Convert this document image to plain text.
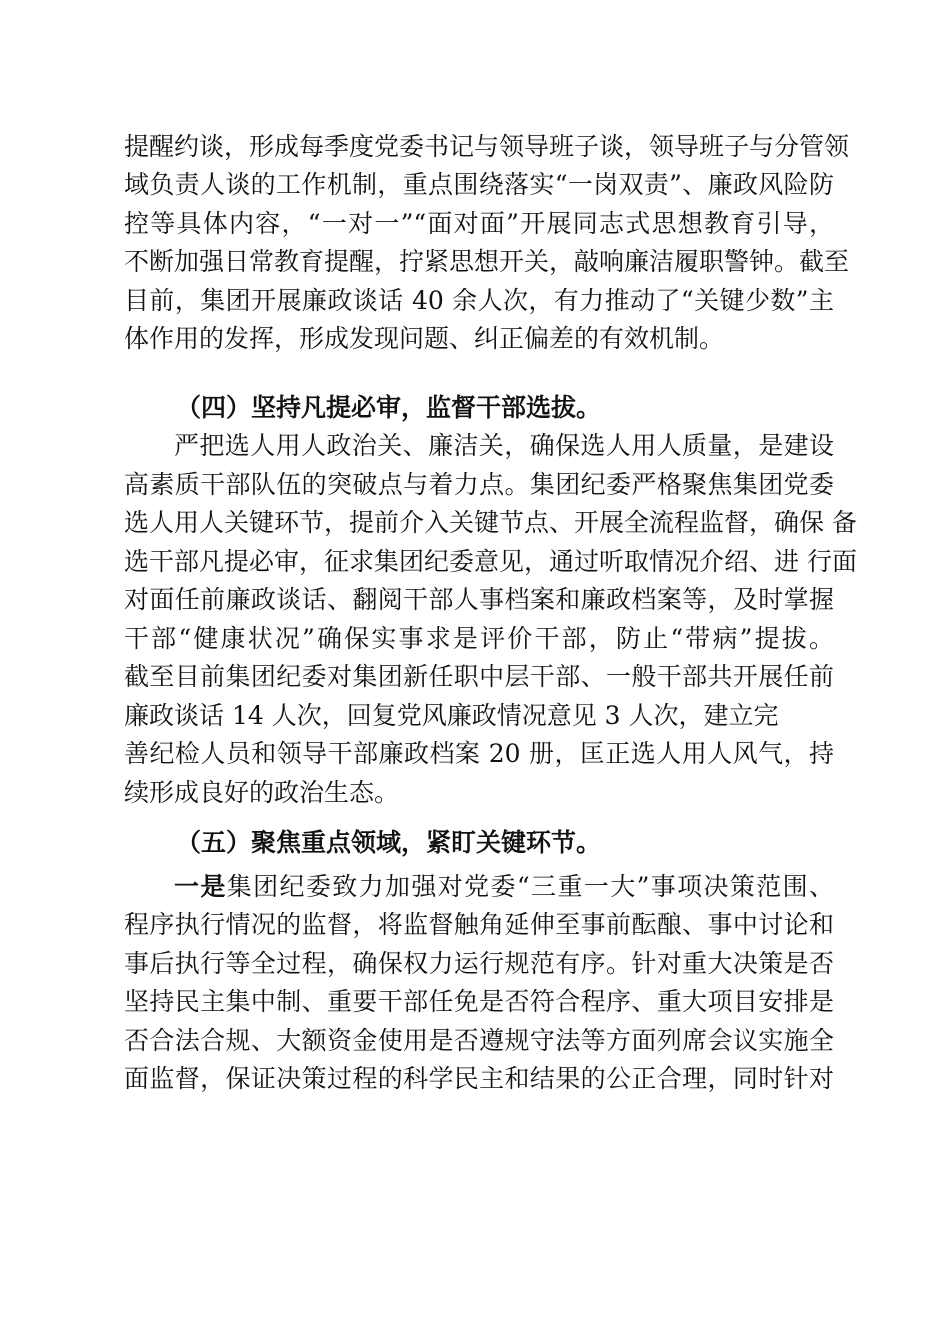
提醒约谈，形成每季度党委书记与领导班子谈，领导班子与分管领
域负责人谈的工作机制，重点围绕落实“一岗双责”、廉政风险防
控等具体内容，“一对一”“面对面”开展同志式思想教育引导，
不断加强日常教育提醒，拧紧思想开关，敲响廉洁履职警钟。截至
目前，集团开展廉政谈话 40 余人次，有力推动了“关键少数”主
体作用的发挥，形成发现问题、纠正偏差的有效机制。
（四）坚持凡提必审，监督干部选拔。
严把选人用人政治关、廉洁关，确保选人用人质量，是建设
高素质干部队伍的突破点与着力点。集团纪委严格聚焦集团党委
选人用人关键环节，提前介入关键节点、开展全流程监督，确保 备
选干部凡提必审，征求集团纪委意见，通过听取情况介绍、进 行面
对面任前廉政谈话、翻阅干部人事档案和廉政档案等，及时掌握
干部“健康状况”确保实事求是评价干部，防止“带病”提拔。
截至目前集团纪委对集团新任职中层干部、一般干部共开展任前
廉政谈话 14 人次，回复党风廉政情况意见 3 人次，建立完
善纪检人员和领导干部廉政档案 20 册，匡正选人用人风气，持
续形成良好的政治生态。
（五）聚焦重点领域，紧盯关键环节。
一是集团纪委致力加强对党委“三重一大”事项决策范围、
程序执行情况的监督，将监督触角延伸至事前酝酿、事中讨论和
事后执行等全过程，确保权力运行规范有序。针对重大决策是否
坚持民主集中制、重要干部任免是否符合程序、重大项目安排是
否合法合规、大额资金使用是否遵规守法等方面列席会议实施全
面监督，保证决策过程的科学民主和结果的公正合理，同时针对
